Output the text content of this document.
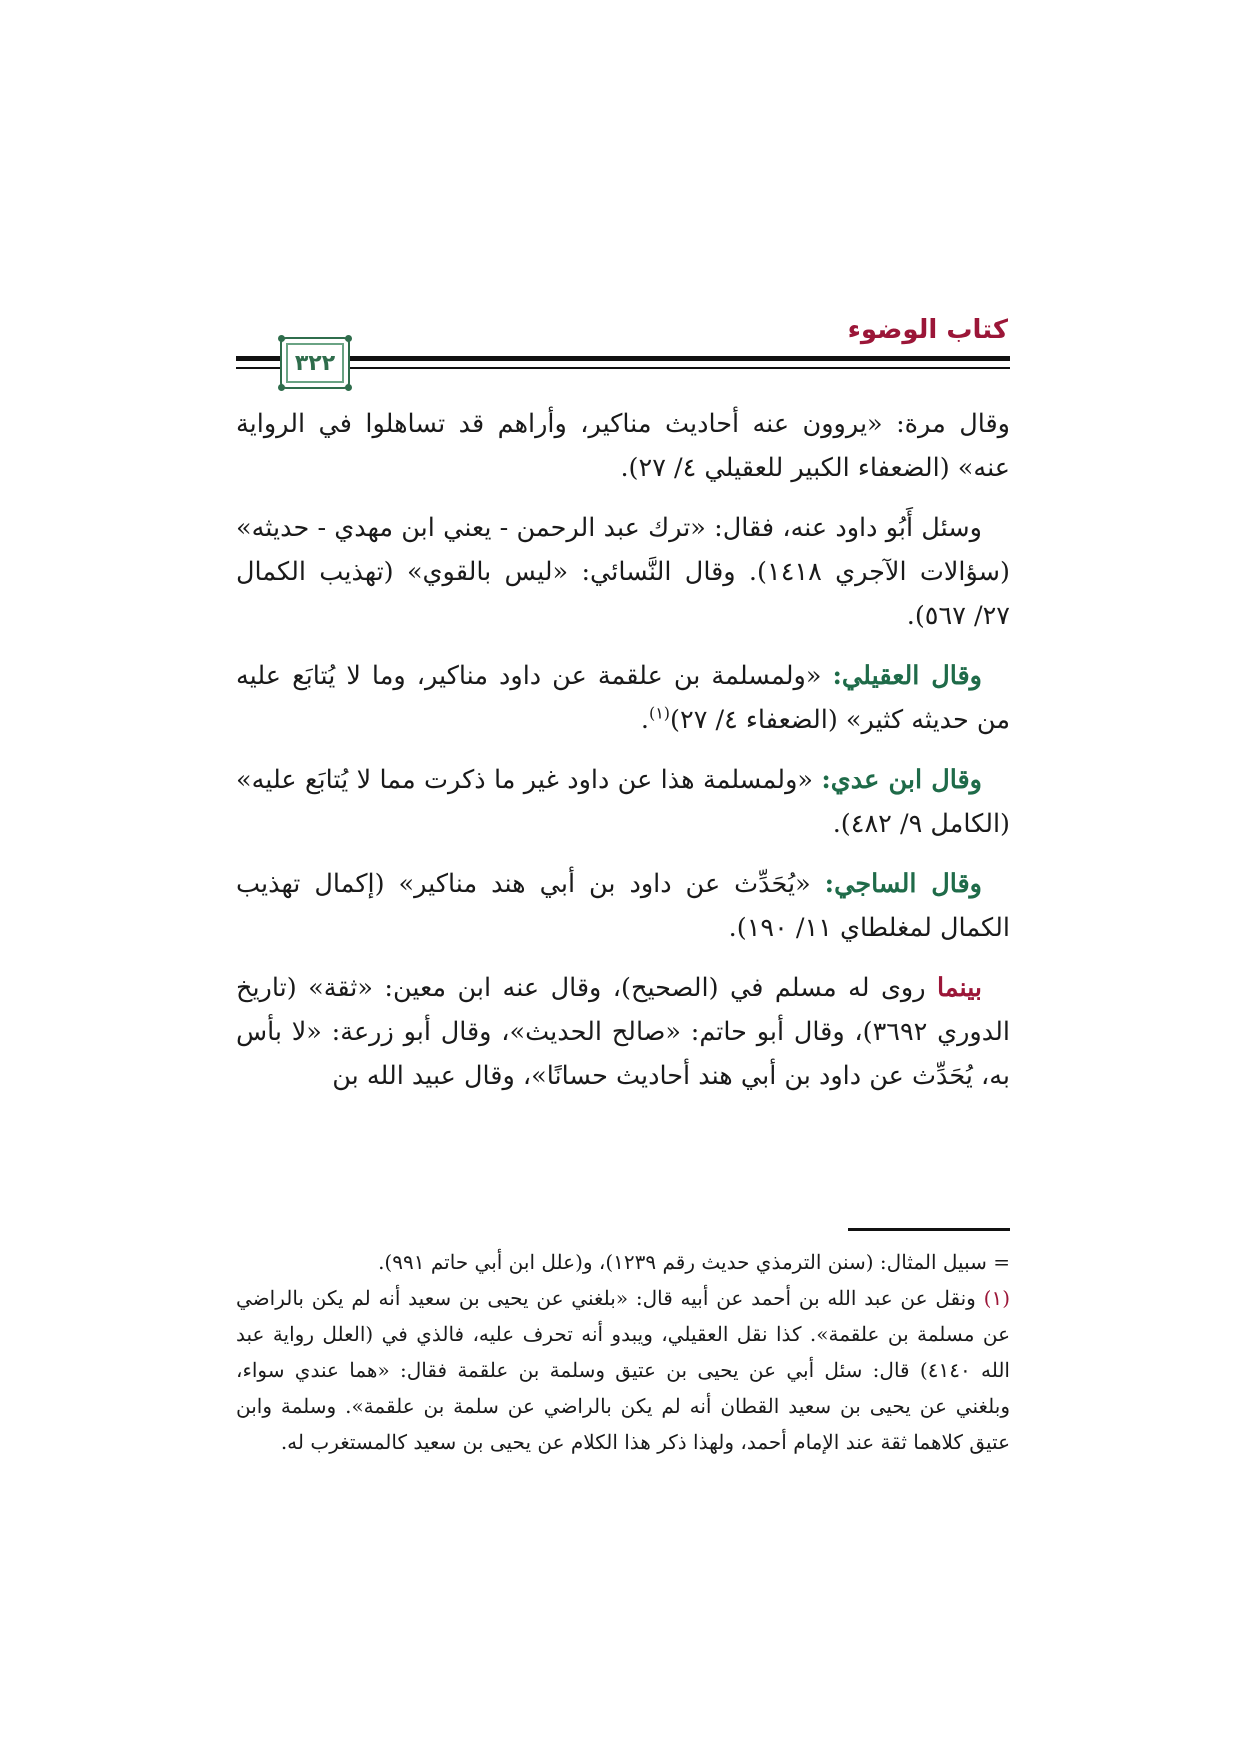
كتاب الوضوء
٣٢٢

وقال مرة: «يروون عنه أحاديث مناكير، وأراهم قد تساهلوا في الرواية عنه» (الضعفاء الكبير للعقيلي ٤/ ٢٧).

وسئل أَبُو داود عنه، فقال: «ترك عبد الرحمن - يعني ابن مهدي - حديثه» (سؤالات الآجري ١٤١٨). وقال النَّسائي: «ليس بالقوي» (تهذيب الكمال ٢٧/ ٥٦٧).

وقال العقيلي: «ولمسلمة بن علقمة عن داود مناكير، وما لا يُتابَع عليه من حديثه كثير» (الضعفاء ٤/ ٢٧)$^{(١)}$.

وقال ابن عدي: «ولمسلمة هذا عن داود غير ما ذكرت مما لا يُتابَع عليه» (الكامل ٩/ ٤٨٢).

وقال الساجي: «يُحَدِّث عن داود بن أبي هند مناكير» (إكمال تهذيب الكمال لمغلطاي ١١/ ١٩٠).

بينما روى له مسلم في (الصحيح)، وقال عنه ابن معين: «ثقة» (تاريخ الدوري ٣٦٩٢)، وقال أبو حاتم: «صالح الحديث»، وقال أبو زرعة: «لا بأس به، يُحَدِّث عن داود بن أبي هند أحاديث حسانًا»، وقال عبيد الله بن

= سبيل المثال: (سنن الترمذي حديث رقم ١٢٣٩)، و(علل ابن أبي حاتم ٩٩١).

(١) ونقل عن عبد الله بن أحمد عن أبيه قال: «بلغني عن يحيى بن سعيد أنه لم يكن بالراضي عن مسلمة بن علقمة». كذا نقل العقيلي، ويبدو أنه تحرف عليه، فالذي في (العلل رواية عبد الله ٤١٤٠) قال: سئل أبي عن يحيى بن عتيق وسلمة بن علقمة فقال: «هما عندي سواء، وبلغني عن يحيى بن سعيد القطان أنه لم يكن بالراضي عن سلمة بن علقمة». وسلمة وابن عتيق كلاهما ثقة عند الإمام أحمد، ولهذا ذكر هذا الكلام عن يحيى بن سعيد كالمستغرب له.
